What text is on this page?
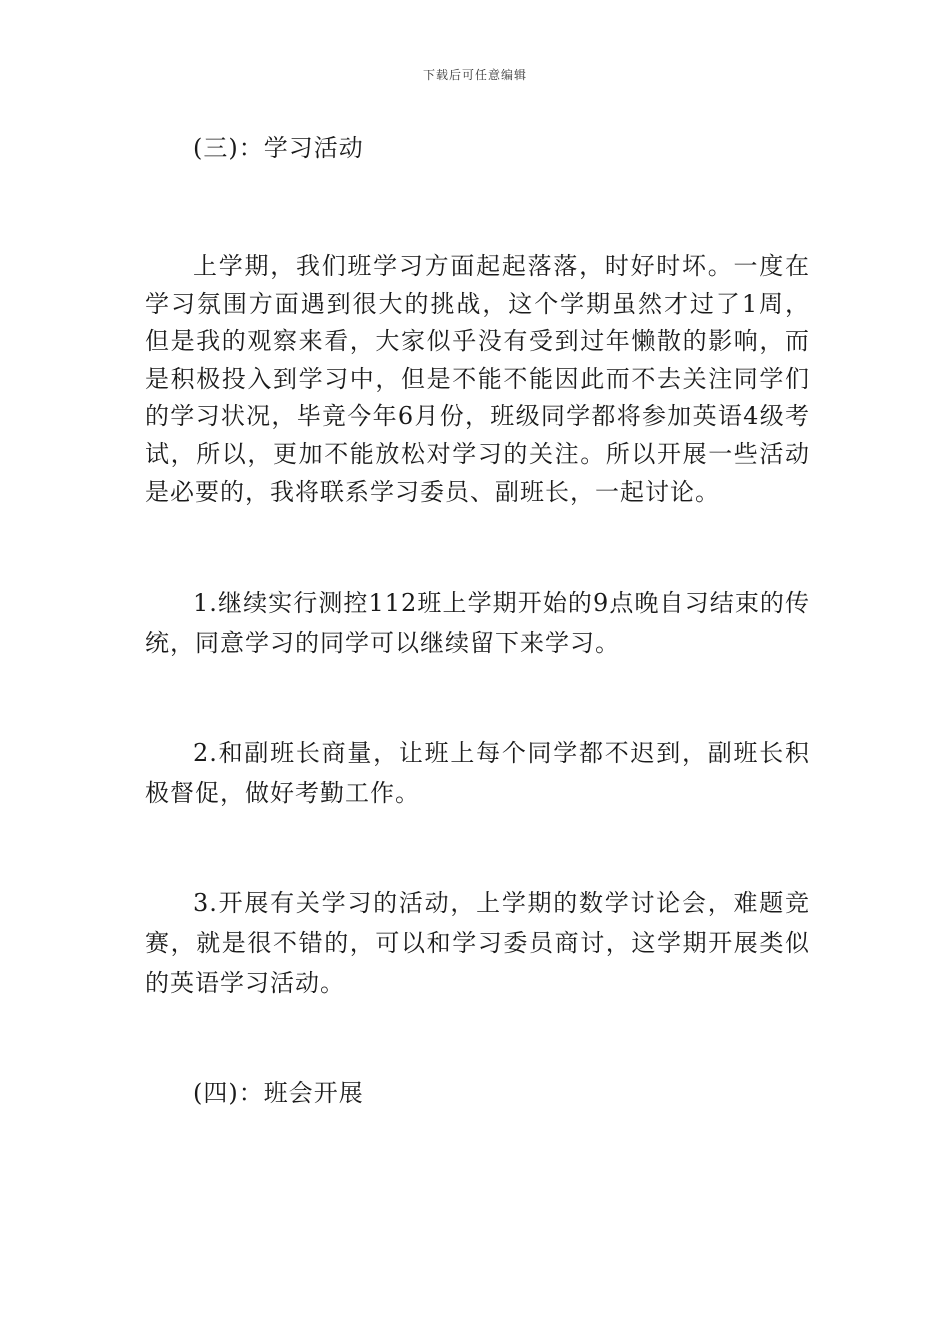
下载后可任意编辑

(三)：学习活动

上学期，我们班学习方面起起落落，时好时坏。一度在学习氛围方面遇到很大的挑战，这个学期虽然才过了1周，但是我的观察来看，大家似乎没有受到过年懒散的影响，而是积极投入到学习中，但是不能不能因此而不去关注同学们的学习状况，毕竟今年6月份，班级同学都将参加英语4级考试，所以，更加不能放松对学习的关注。所以开展一些活动是必要的，我将联系学习委员、副班长，一起讨论。

1.继续实行测控112班上学期开始的9点晚自习结束的传统，同意学习的同学可以继续留下来学习。

2.和副班长商量，让班上每个同学都不迟到，副班长积极督促，做好考勤工作。

3.开展有关学习的活动，上学期的数学讨论会，难题竞赛，就是很不错的，可以和学习委员商讨，这学期开展类似的英语学习活动。

(四)：班会开展
